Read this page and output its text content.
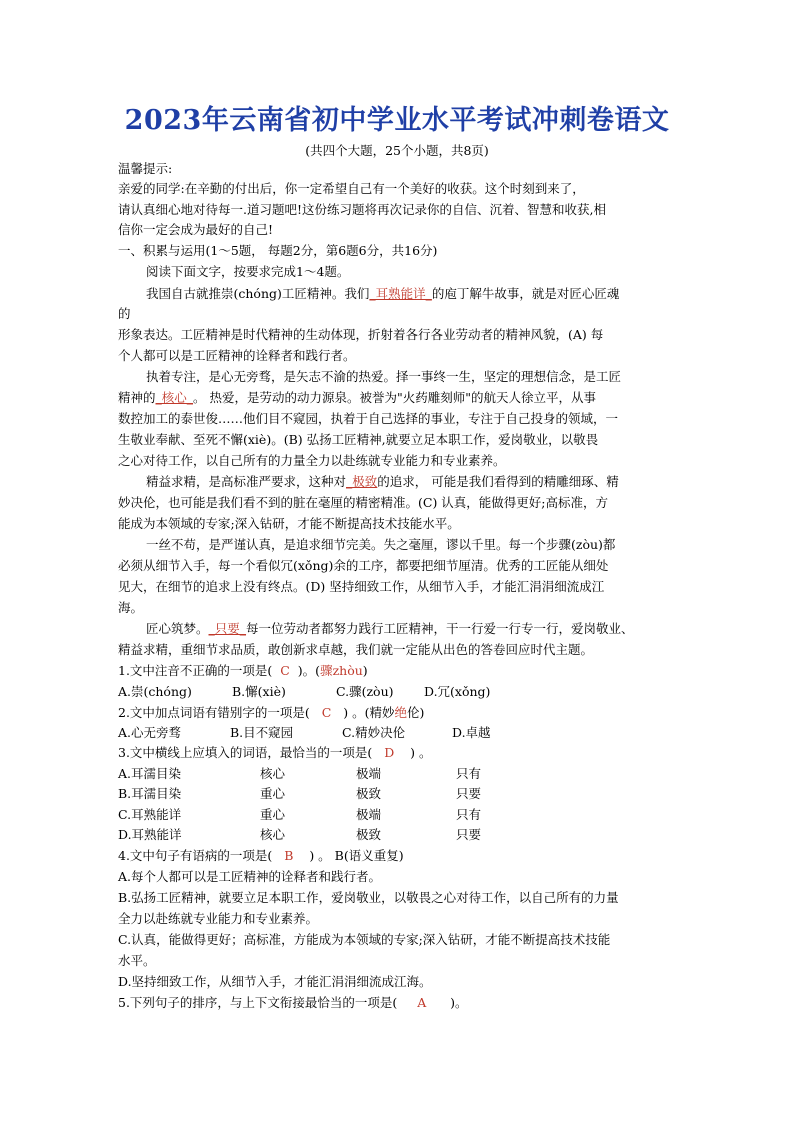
2023年云南省初中学业水平考试冲刺卷语文
(共四个大题，25个小题，共8页)
温馨提示:
亲爱的同学:在辛勤的付出后，你一定希望自己有一个美好的收获。这个时刻到来了，
请认真细心地对待每一.道习题吧!这份练习题将再次记录你的自信、沉着、智慧和收获,相
信你一定会成为最好的自己!
一、积累与运用(1～5题， 每题2分，第6题6分，共16分)
阅读下面文字，按要求完成1～4题。
我国自古就推崇(chóng)工匠精神。我们_耳熟能详_的庖丁解牛故事，就是对匠心匠魂
的
形象表达。工匠精神是时代精神的生动体现，折射着各行各业劳动者的精神风貌，(A) 每
个人都可以是工匠精神的诠释者和践行者。
执着专注，是心无旁骛，是矢志不渝的热爱。择一事终一生，坚定的理想信念，是工匠
精神的_核心_。 热爱，是劳动的动力源泉。被誉为"火药雕刻师"的航天人徐立平，从事
数控加工的泰世俊……他们目不窥园，执着于自己选择的事业，专注于自己投身的领域，一
生敬业奉献、至死不懈(xiè)。(B) 弘扬工匠精神,就要立足本职工作，爱岗敬业，以敬畏
之心对待工作，以自己所有的力量全力以赴练就专业能力和专业素养。
精益求精，是高标准严要求，这种对_极致的追求， 可能是我们看得到的精雕细琢、精
妙决伦，也可能是我们看不到的脏在毫厘的精密精准。(C) 认真，能做得更好;高标准，方
能成为本领域的专家;深入钻研，才能不断提高技术技能水平。
一丝不苟，是严谨认真，是追求细节完美。失之毫厘，谬以千里。每一个步骤(zòu)都
必须从细节入手，每一个看似冗(xǒng)余的工序，都要把细节厘清。优秀的工匠能从细处
见大，在细节的追求上没有终点。(D) 坚持细致工作，从细节入手，才能汇涓涓细流成江
海。
匠心筑梦。_只要_每一位劳动者都努力践行工匠精神，干一行爱一行专一行，爱岗敬业、
精益求精，重细节求品质，敢创新求卓越，我们就一定能从出色的答卷回应时代主题。
1.文中注音不正确的一项是( C )。(骤zhòu)
A.崇(chóng)	B.懈(xiè)	C.骤(zòu) D.冗(xǒng)
2.文中加点词语有错别字的一项是( C ) 。(精妙绝伦)
A.心无旁骛	B.目不窥园	C.精妙决伦	D.卓越
3.文中横线上应填入的词语，最恰当的一项是( D ) 。
A.耳濡目染	核心	极端	只有
B.耳濡目染	重心	极致	只要
C.耳熟能详	重心	极端	只有
D.耳熟能详	核心	极致	只要
4.文中句子有语病的一项是( B ) 。 B(语义重复)
A.每个人都可以是工匠精神的诠释者和践行者。
B.弘扬工匠精神，就要立足本职工作，爱岗敬业，以敬畏之心对待工作，以自己所有的力量
全力以赴练就专业能力和专业素养。
C.认真，能做得更好；高标准，方能成为本领域的专家;深入钻研，才能不断提高技术技能
水平。
D.坚持细致工作，从细节入手，才能汇涓涓细流成江海。
5.下列句子的排序，与上下文衔接最恰当的一项是( A )。
